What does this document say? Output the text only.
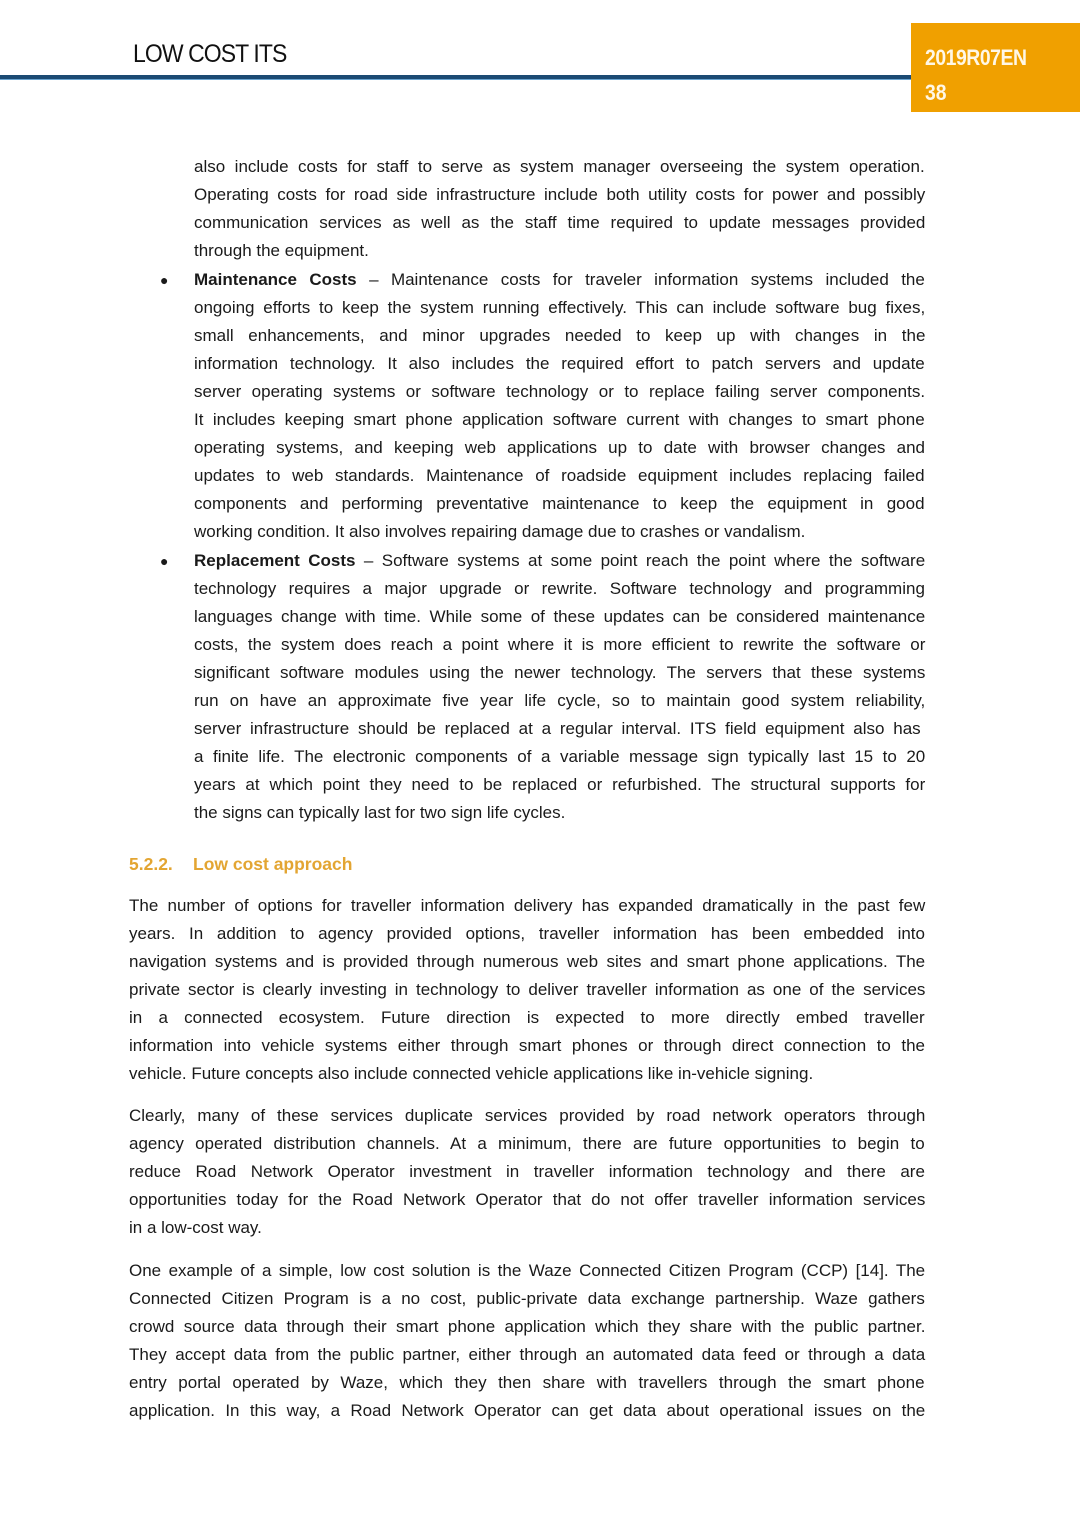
LOW COST ITS	2019R07EN
38
also include costs for staff to serve as system manager overseeing the system operation.
Operating costs for road side infrastructure include both utility costs for power and possibly
communication services as well as the staff time required to update messages provided
through the equipment.
● Maintenance Costs – Maintenance costs for traveler information systems included the
ongoing efforts to keep the system running effectively. This can include software bug fixes,
small enhancements, and minor upgrades needed to keep up with changes in the
information technology. It also includes the required effort to patch servers and update
server operating systems or software technology or to replace failing server components.
It includes keeping smart phone application software current with changes to smart phone
operating systems, and keeping web applications up to date with browser changes and
updates to web standards. Maintenance of roadside equipment includes replacing failed
components and performing preventative maintenance to keep the equipment in good
working condition. It also involves repairing damage due to crashes or vandalism.
● Replacement Costs – Software systems at some point reach the point where the software
technology requires a major upgrade or rewrite. Software technology and programming
languages change with time. While some of these updates can be considered maintenance
costs, the system does reach a point where it is more efficient to rewrite the software or
significant software modules using the newer technology. The servers that these systems
run on have an approximate five year life cycle, so to maintain good system reliability,
server infrastructure should be replaced at a regular interval. ITS field equipment also has
a finite life. The electronic components of a variable message sign typically last 15 to 20
years at which point they need to be replaced or refurbished. The structural supports for
the signs can typically last for two sign life cycles.
5.2.2. Low cost approach
The number of options for traveller information delivery has expanded dramatically in the past few
years. In addition to agency provided options, traveller information has been embedded into
navigation systems and is provided through numerous web sites and smart phone applications. The
private sector is clearly investing in technology to deliver traveller information as one of the services
in a connected ecosystem. Future direction is expected to more directly embed traveller
information into vehicle systems either through smart phones or through direct connection to the
vehicle. Future concepts also include connected vehicle applications like in-vehicle signing.
Clearly, many of these services duplicate services provided by road network operators through
agency operated distribution channels. At a minimum, there are future opportunities to begin to
reduce Road Network Operator investment in traveller information technology and there are
opportunities today for the Road Network Operator that do not offer traveller information services
in a low-cost way.
One example of a simple, low cost solution is the Waze Connected Citizen Program (CCP) [14]. The
Connected Citizen Program is a no cost, public-private data exchange partnership. Waze gathers
crowd source data through their smart phone application which they share with the public partner.
They accept data from the public partner, either through an automated data feed or through a data
entry portal operated by Waze, which they then share with travellers through the smart phone
application. In this way, a Road Network Operator can get data about operational issues on the
